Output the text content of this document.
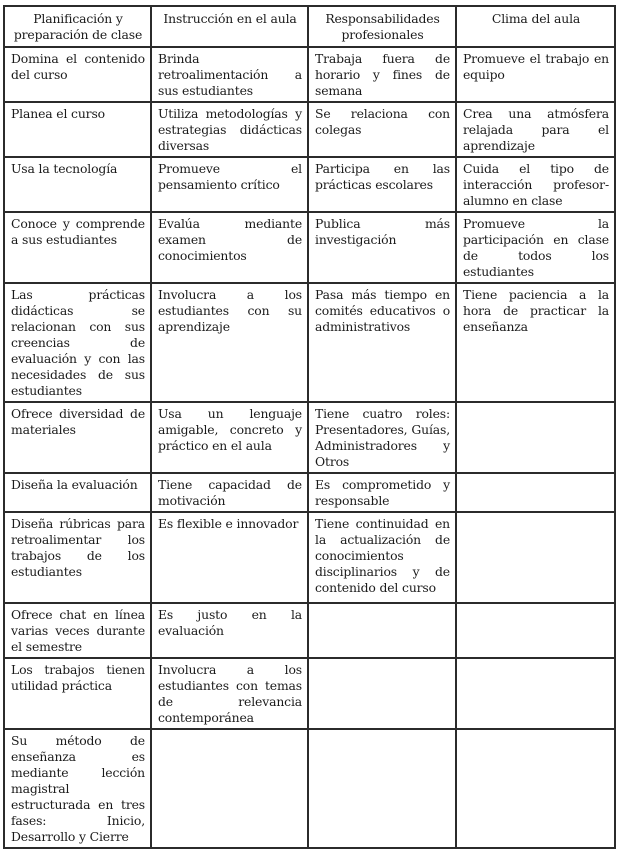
Planificación y preparación de clase	Instrucción en el aula	Responsabilidades profesionales	Clima del aula
Domina el contenido del curso	Brinda retroalimentación a sus estudiantes	Trabaja fuera de horario y fines de semana	Promueve el trabajo en equipo
Planea el curso	Utiliza metodologías y estrategias didácticas diversas	Se relaciona con colegas	Crea una atmósfera relajada para el aprendizaje
Usa la tecnología	Promueve el pensamiento crítico	Participa en las prácticas escolares	Cuida el tipo de interacción profesor-alumno en clase
Conoce y comprende a sus estudiantes	Evalúa mediante examen de conocimientos	Publica más investigación	Promueve la participación en clase de todos los estudiantes
Las prácticas didácticas se relacionan con sus creencias de evaluación y con las necesidades de sus estudiantes	Involucra a los estudiantes con su aprendizaje	Pasa más tiempo en comités educativos o administrativos	Tiene paciencia a la hora de practicar la enseñanza
Ofrece diversidad de materiales	Usa un lenguaje amigable, concreto y práctico en el aula	Tiene cuatro roles: Presentadores, Guías, Administradores y Otros	
Diseña la evaluación	Tiene capacidad de motivación	Es comprometido y responsable	
Diseña rúbricas para retroalimentar los trabajos de los estudiantes	Es flexible e innovador	Tiene continuidad en la actualización de conocimientos disciplinarios y de contenido del curso	
Ofrece chat en línea varias veces durante el semestre	Es justo en la evaluación		
Los trabajos tienen utilidad práctica	Involucra a los estudiantes con temas de relevancia contemporánea		
Su método de enseñanza es mediante lección magistral estructurada en tres fases: Inicio, Desarrollo y Cierre			
